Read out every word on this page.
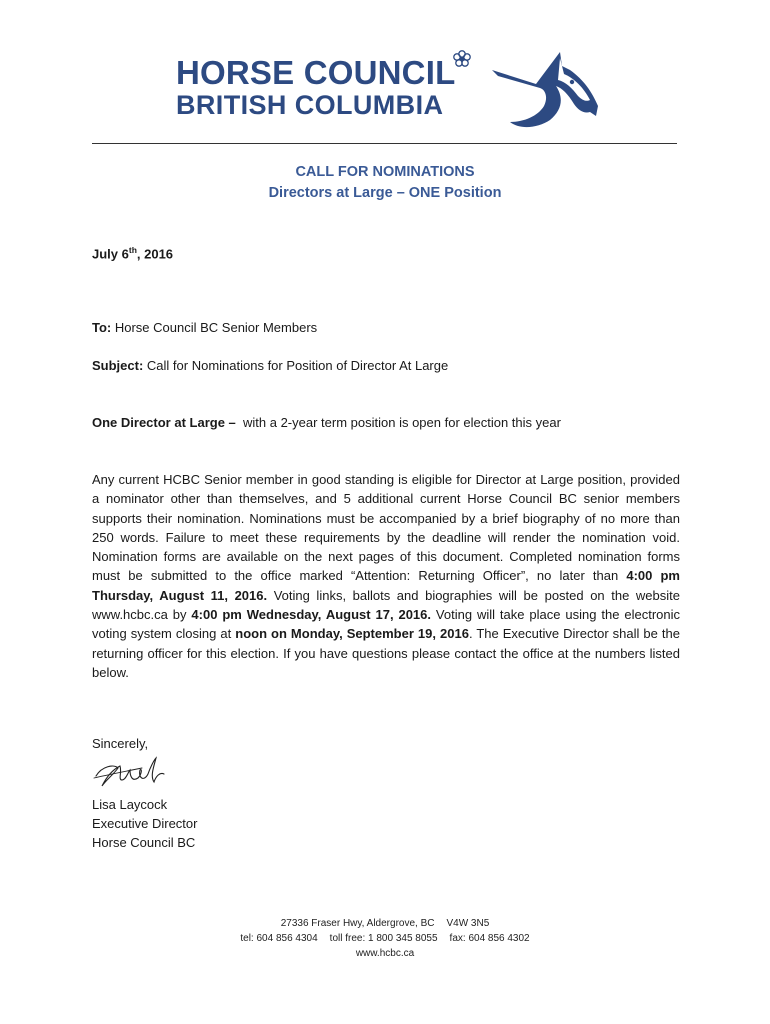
HORSE COUNCIL
BRITISH COLUMBIA
CALL FOR NOMINATIONS
Directors at Large – ONE Position
July 6th, 2016
To: Horse Council BC Senior Members
Subject: Call for Nominations for Position of Director At Large
One Director at Large –  with a 2-year term position is open for election this year
Any current HCBC Senior member in good standing is eligible for Director at Large position, provided a nominator other than themselves, and 5 additional current Horse Council BC senior members supports their nomination. Nominations must be accompanied by a brief biography of no more than 250 words. Failure to meet these requirements by the deadline will render the nomination void. Nomination forms are available on the next pages of this document. Completed nomination forms must be submitted to the office marked “Attention: Returning Officer”, no later than 4:00 pm Thursday, August 11, 2016. Voting links, ballots and biographies will be posted on the website www.hcbc.ca by 4:00 pm Wednesday, August 17, 2016. Voting will take place using the electronic voting system closing at noon on Monday, September 19, 2016. The Executive Director shall be the returning officer for this election. If you have questions please contact the office at the numbers listed below.
Sincerely,
Lisa Laycock
Executive Director
Horse Council BC
27336 Fraser Hwy, Aldergrove, BC V4W 3N5
tel: 604 856 4304 toll free: 1 800 345 8055 fax: 604 856 4302
www.hcbc.ca
